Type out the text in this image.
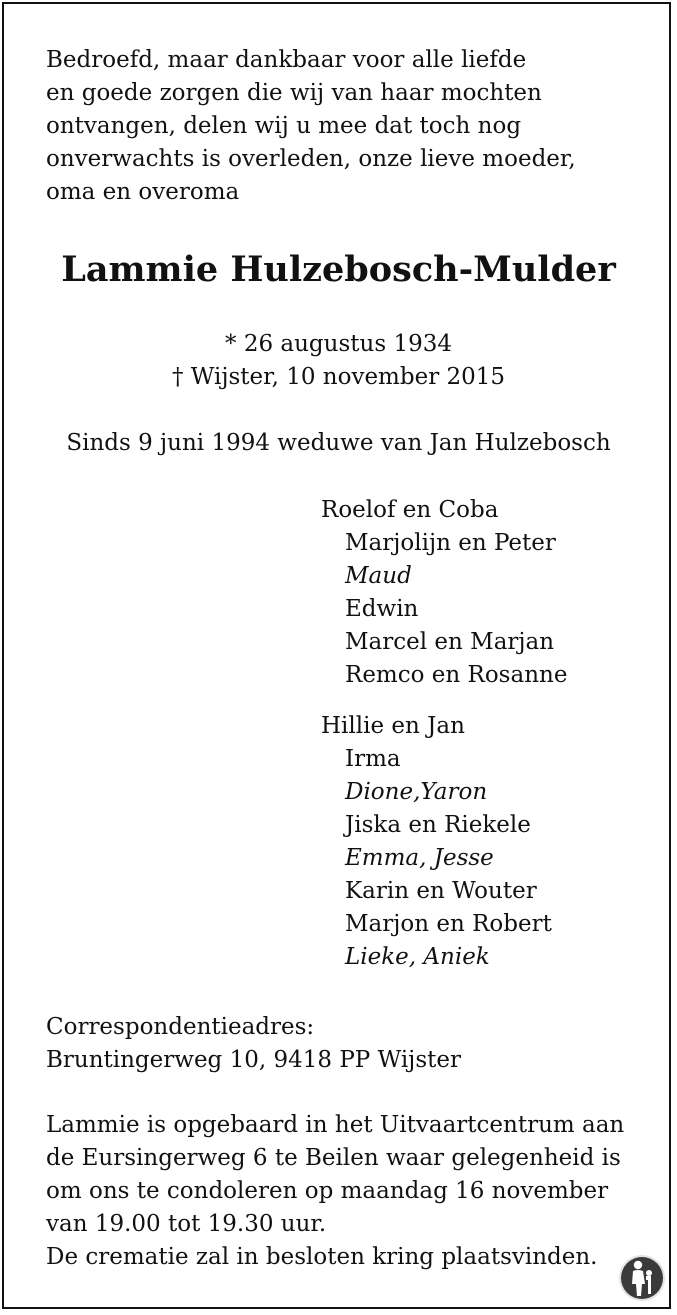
Bedroefd, maar dankbaar voor alle liefde
en goede zorgen die wij van haar mochten
ontvangen, delen wij u mee dat toch nog
onverwachts is overleden, onze lieve moeder,
oma en overoma
Lammie Hulzebosch-Mulder
* 26 augustus 1934
† Wijster, 10 november 2015
Sinds 9 juni 1994 weduwe van Jan Hulzebosch
Roelof en Coba
Marjolijn en Peter
Maud
Edwin
Marcel en Marjan
Remco en Rosanne
Hillie en Jan
Irma
Dione,Yaron
Jiska en Riekele
Emma, Jesse
Karin en Wouter
Marjon en Robert
Lieke, Aniek
Correspondentieadres:
Bruntingerweg 10, 9418 PP Wijster
Lammie is opgebaard in het Uitvaartcentrum aan
de Eursingerweg 6 te Beilen waar gelegenheid is
om ons te condoleren op maandag 16 november
van 19.00 tot 19.30 uur.
De crematie zal in besloten kring plaatsvinden.
